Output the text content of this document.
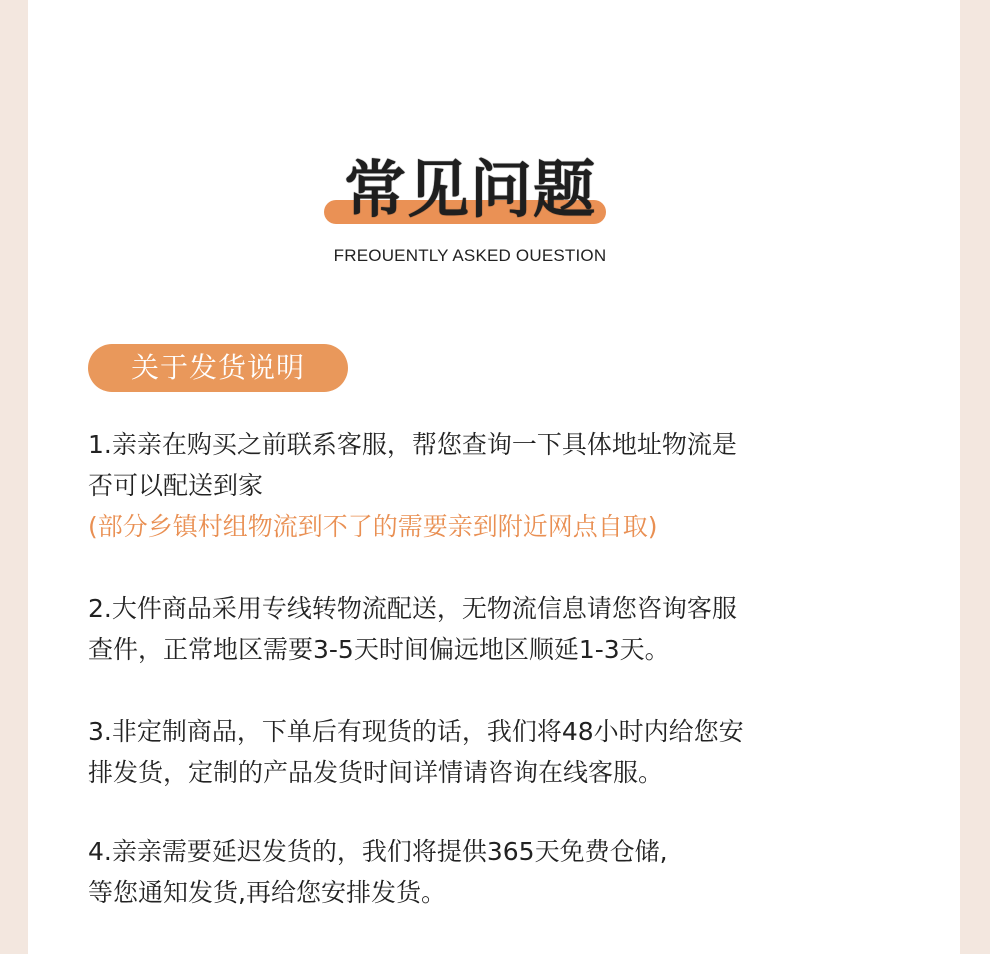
常见问题
FREOUENTLY ASKED OUESTION
关于发货说明
1.亲亲在购买之前联系客服，帮您查询一下具体地址物流是
否可以配送到家
(部分乡镇村组物流到不了的需要亲到附近网点自取)
2.大件商品采用专线转物流配送，无物流信息请您咨询客服
查件，正常地区需要3-5天时间偏远地区顺延1-3天。
3.非定制商品，下单后有现货的话，我们将48小时内给您安
排发货，定制的产品发货时间详情请咨询在线客服。
4.亲亲需要延迟发货的，我们将提供365天免费仓储,
等您通知发货,再给您安排发货。
